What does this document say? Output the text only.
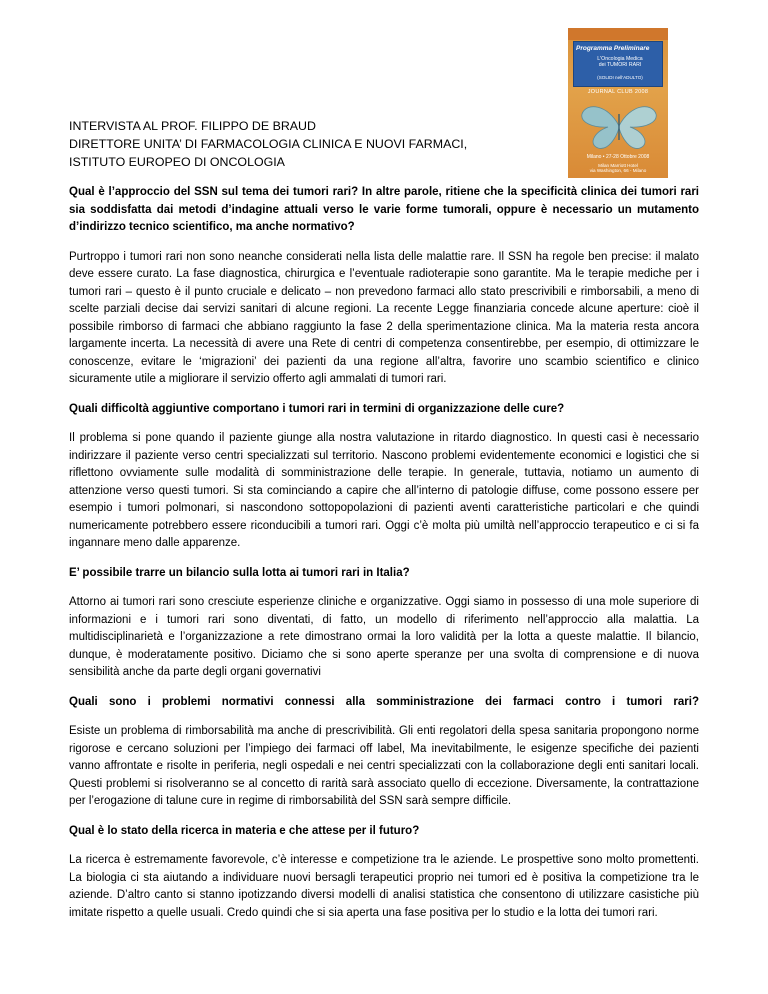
Programma Preliminare
L'Oncologia Medica
dei TUMORI RARI
(SOLIDI nell'ADULTO)
JOURNAL CLUB 2008
Milano • 27-28 Ottobre 2008
Milan Marriott Hotel
via Washington, 66 - Milano
INTERVISTA AL PROF. FILIPPO DE BRAUD
DIRETTORE UNITA’ DI FARMACOLOGIA CLINICA E NUOVI FARMACI,
ISTITUTO EUROPEO DI ONCOLOGIA

Qual è l’approccio del SSN sul tema dei tumori rari? In altre parole, ritiene che la specificità clinica dei tumori rari sia soddisfatta dai metodi d’indagine attuali verso le varie forme tumorali, oppure è necessario un mutamento d’indirizzo tecnico scientifico, ma anche normativo?

Purtroppo i tumori rari non sono neanche considerati nella lista delle malattie rare. Il SSN ha regole ben precise: il malato deve essere curato. La fase diagnostica, chirurgica e l’eventuale radioterapie sono garantite. Ma le terapie mediche per i tumori rari – questo è il punto cruciale e delicato – non prevedono farmaci allo stato prescrivibili e rimborsabili, a meno di scelte parziali decise dai servizi sanitari di alcune regioni. La recente Legge finanziaria concede alcune aperture: cioè il possibile rimborso di farmaci che abbiano raggiunto la fase 2 della sperimentazione clinica. Ma la materia resta ancora largamente incerta. La necessità di avere una Rete di centri di competenza consentirebbe, per esempio, di ottimizzare le conoscenze, evitare le ‘migrazioni’ dei pazienti da una regione all’altra, favorire uno scambio scientifico e clinico sicuramente utile a migliorare il servizio offerto agli ammalati di tumori rari.

Quali difficoltà aggiuntive comportano i tumori rari in termini di organizzazione delle cure?

Il problema si pone quando il paziente giunge alla nostra valutazione in ritardo diagnostico. In questi casi è necessario indirizzare il paziente verso centri specializzati sul territorio. Nascono problemi evidentemente economici e logistici che si riflettono ovviamente sulle modalità di somministrazione delle terapie. In generale, tuttavia, notiamo un aumento di attenzione verso questi tumori. Si sta cominciando a capire che all’interno di patologie diffuse, come possono essere per esempio i tumori polmonari, si nascondono sottopopolazioni di pazienti aventi caratteristiche particolari e che quindi numericamente potrebbero essere riconducibili a tumori rari. Oggi c’è molta più umiltà nell’approccio terapeutico e ci si fa ingannare meno dalle apparenze.

E’ possibile trarre un bilancio sulla lotta ai tumori rari in Italia?

Attorno ai tumori rari sono cresciute esperienze cliniche e organizzative. Oggi siamo in possesso di una mole superiore di informazioni e i tumori rari sono diventati, di fatto, un modello di riferimento nell’approccio alla malattia. La multidisciplinarietà e l’organizzazione a rete dimostrano ormai la loro validità per la lotta a queste malattie. Il bilancio, dunque, è moderatamente positivo. Diciamo che si sono aperte speranze per una svolta di comprensione e di nuova sensibilità anche da parte degli organi governativi

Quali sono i problemi normativi connessi alla somministrazione dei farmaci contro i tumori rari?

Esiste un problema di rimborsabilità ma anche di prescrivibilità. Gli enti regolatori della spesa sanitaria propongono norme rigorose e cercano soluzioni per l’impiego dei farmaci off label, Ma inevitabilmente, le esigenze specifiche dei pazienti vanno affrontate e risolte in periferia, negli ospedali e nei centri specializzati con la collaborazione degli enti sanitari locali. Questi problemi si risolveranno se al concetto di rarità sarà associato quello di eccezione. Diversamente, la contrattazione per l’erogazione di talune cure in regime di rimborsabilità del SSN sarà sempre difficile.

Qual è lo stato della ricerca in materia e che attese per il futuro?

La ricerca è estremamente favorevole, c’è interesse e competizione tra le aziende. Le prospettive sono molto promettenti. La biologia ci sta aiutando a individuare nuovi bersagli terapeutici proprio nei tumori ed è positiva la competizione tra le aziende. D’altro canto si stanno ipotizzando diversi modelli di analisi statistica che consentono di utilizzare casistiche più imitate rispetto a quelle usuali. Credo quindi che si sia aperta una fase positiva per lo studio e la lotta dei tumori rari.
